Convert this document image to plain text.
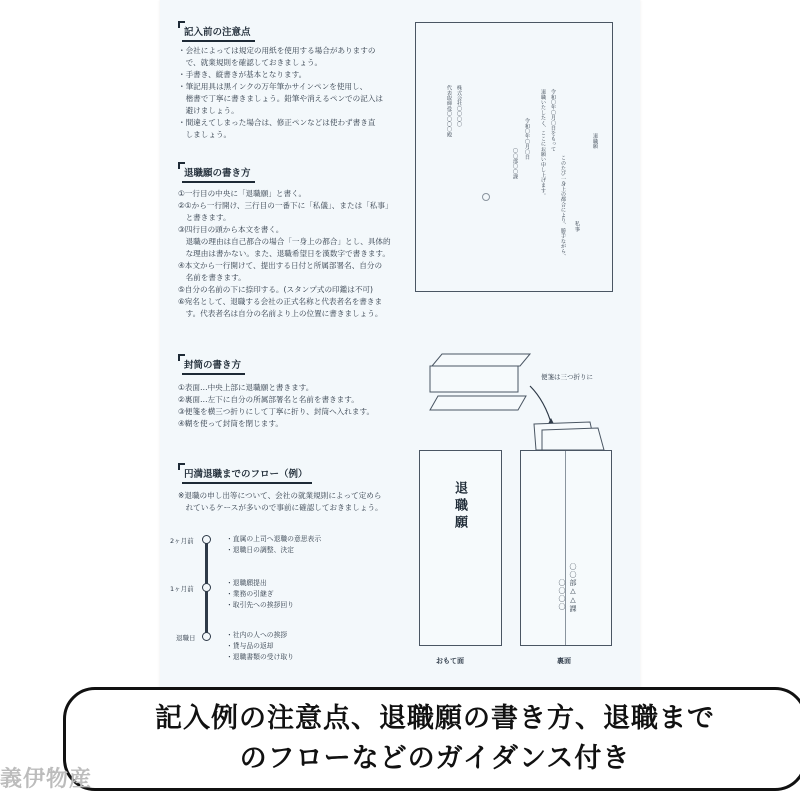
記入前の注意点
・会社によっては規定の用紙を使用する場合がありますの
　で、就業規則を確認しておきましょう。
・手書き、縦書きが基本となります。
・筆記用具は黒インクの万年筆かサインペンを使用し、
　楷書で丁寧に書きましょう。鉛筆や消えるペンでの記入は
　避けましょう。
・間違えてしまった場合は、修正ペンなどは使わず書き直
　しましょう。
退職願の書き方
①一行目の中央に「退職願」と書く。
②①から一行開け、三行目の一番下に「私儀」、または「私事」
　と書きます。
③四行目の頭から本文を書く。
　退職の理由は自己都合の場合「一身上の都合」とし、具体的
　な理由は書かない。また、退職希望日を漢数字で書きます。
④本文から一行開けて、提出する日付と所属部署名、自分の
　名前を書きます。
⑤自分の名前の下に捺印する。(スタンプ式の印鑑は不可)
⑥宛名として、退職する会社の正式名称と代表者名を書きま
　す。代表者名は自分の名前より上の位置に書きましょう。
封筒の書き方
①表面…中央上部に退職願と書きます。
②裏面…左下に自分の所属部署名と名前を書きます。
③便箋を横三つ折りにして丁寧に折り、封筒へ入れます。
④糊を使って封筒を閉じます。
円満退職までのフロー（例）
※退職の申し出等について、会社の就業規則によって定めら
　れているケースが多いので事前に確認しておきましょう。
2ヶ月前
1ヶ月前
退職日
・直属の上司へ退職の意思表示
・退職日の調整、決定
・退職願提出
・業務の引継ぎ
・取引先への挨拶回り
・社内の人への挨拶
・貸与品の返却
・退職書類の受け取り
退職願
私事
このたび一身上の都合により、勝手ながら、
令和〇年〇月〇日をもって
退職いたしたく、ここにお願い申し上げます。
令和〇年〇月〇日
〇〇部〇〇課
株式会社〇〇〇〇
代表取締役〇〇〇〇殿
便箋は三つ折りに
退職願
おもて面
〇〇部△△課
〇〇〇〇
裏面
記入例の注意点、退職願の書き方、退職まで
のフローなどのガイダンス付き
義伊物産
